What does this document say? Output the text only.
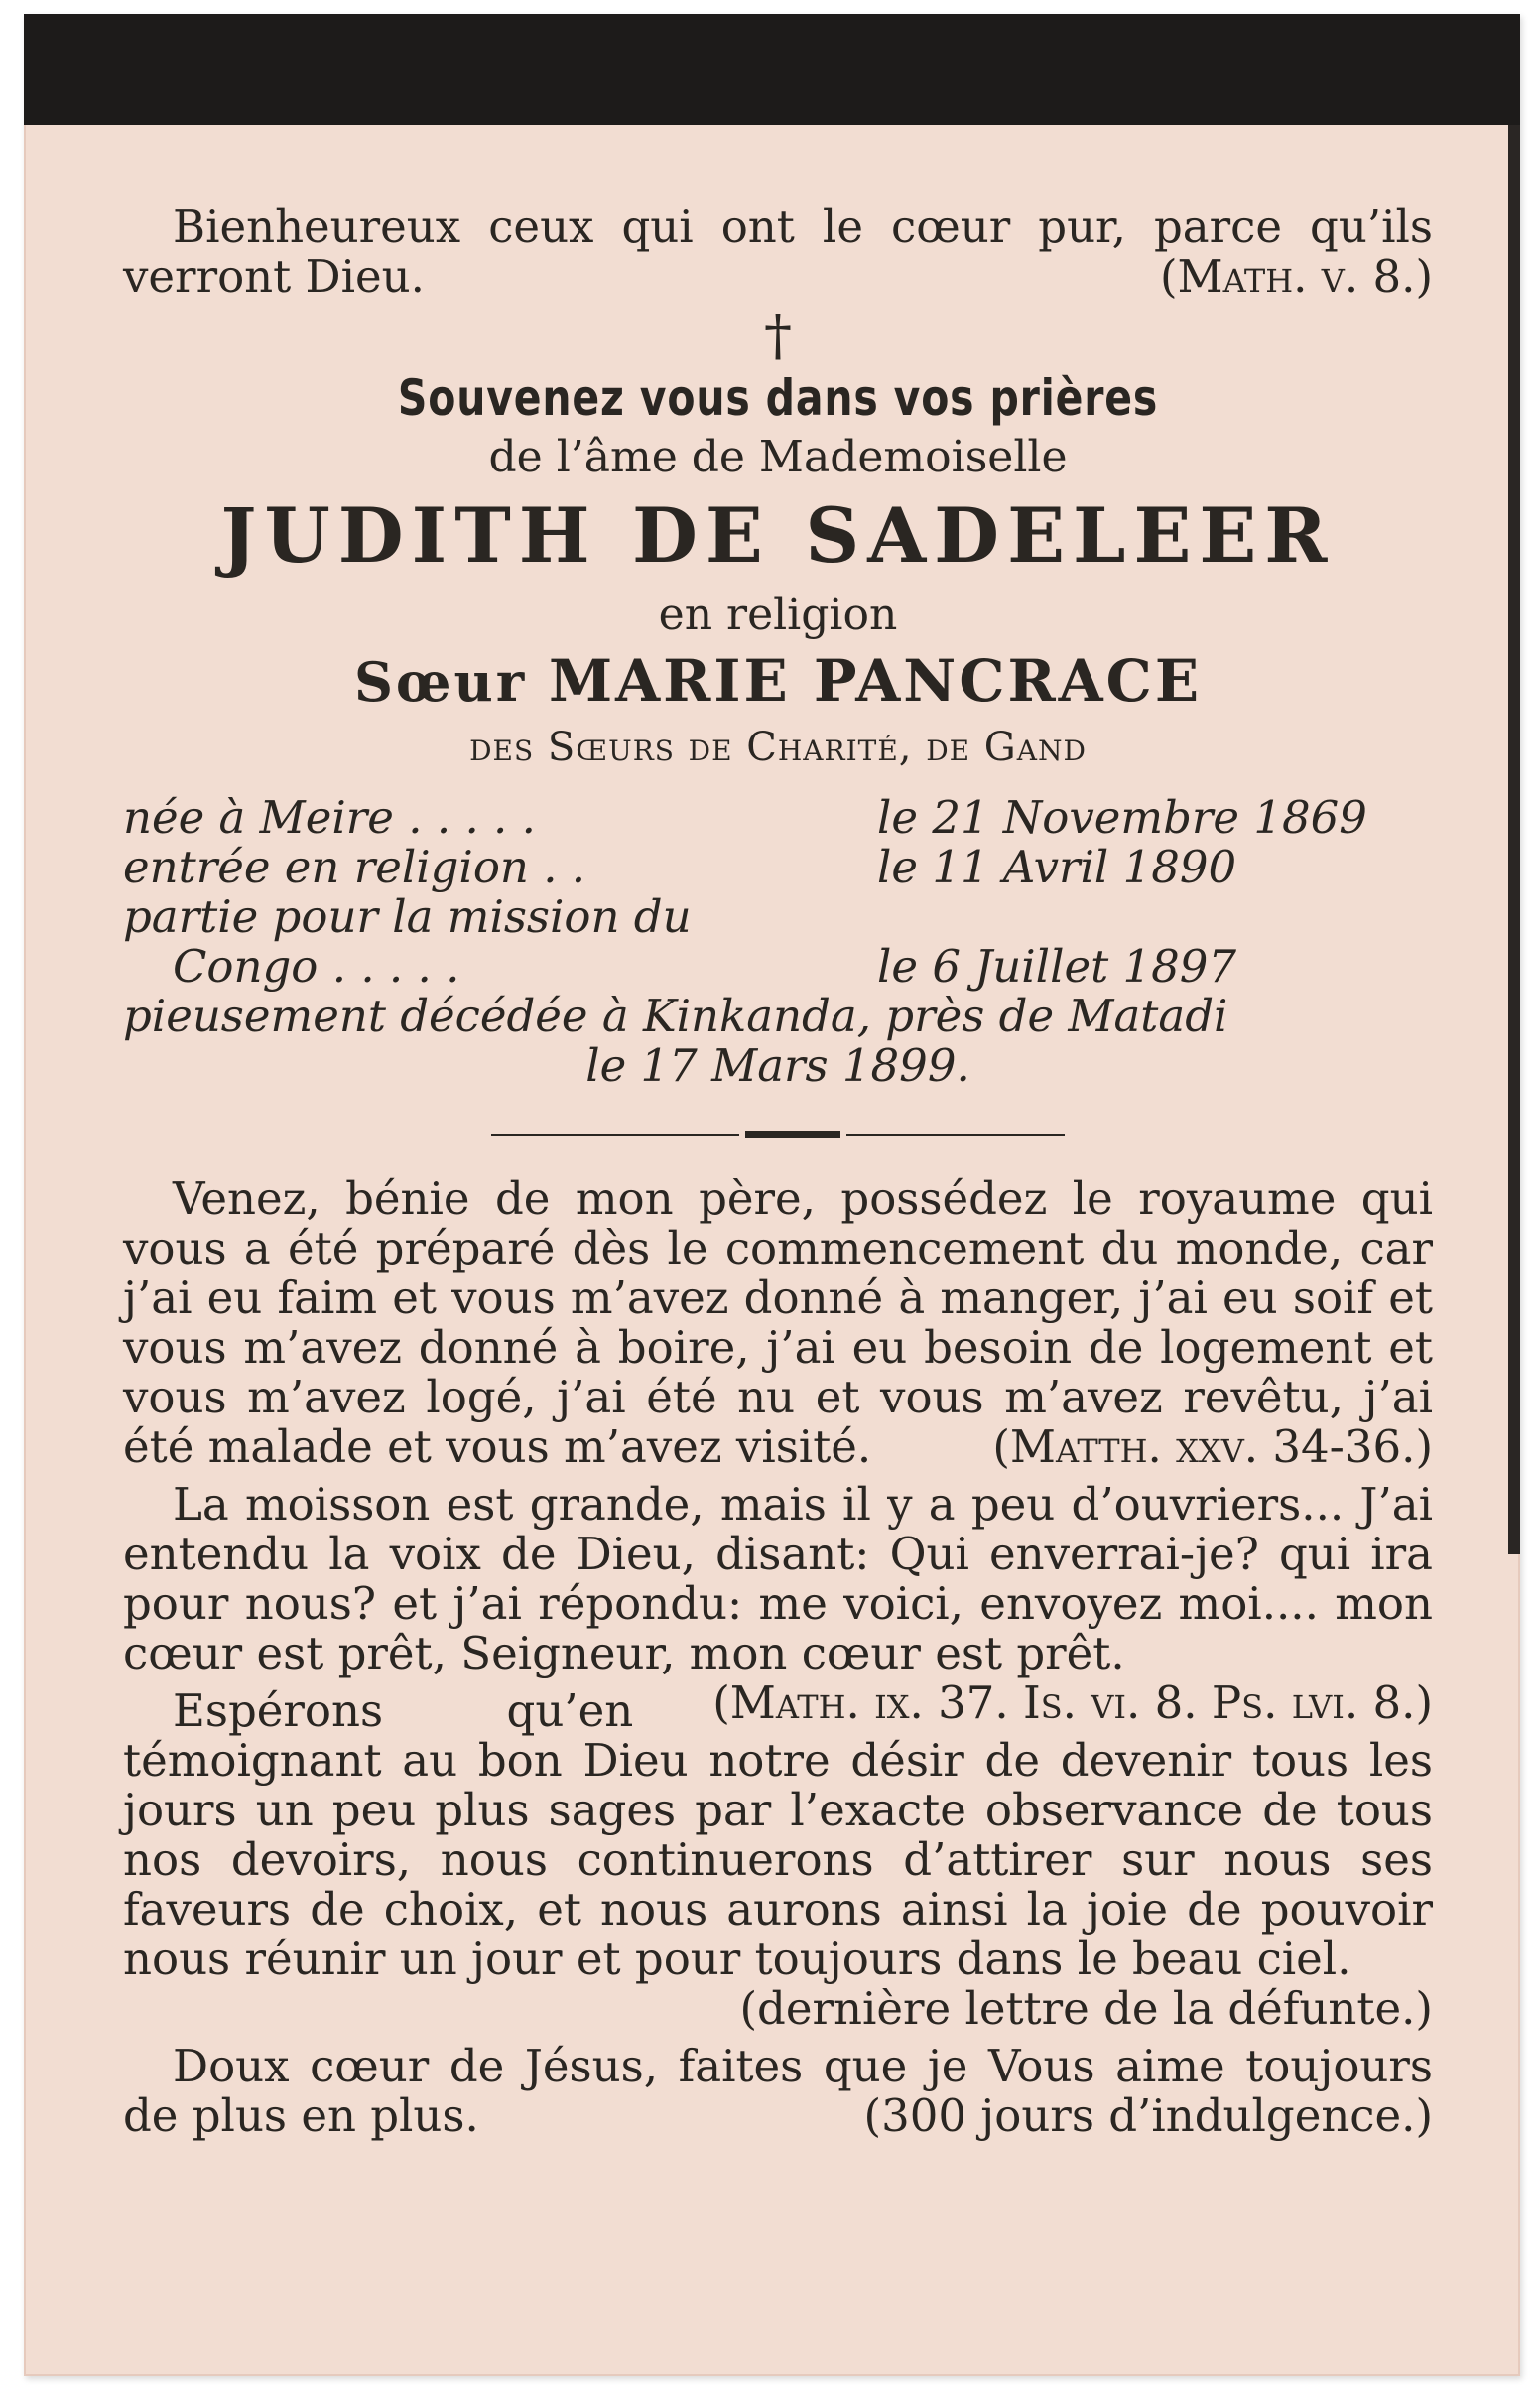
Bienheureux ceux qui ont le cœur pur, parce qu’ils verront Dieu.	(Math. v. 8.)

†
Souvenez vous dans vos prières
de l’âme de Mademoiselle
JUDITH DE SADELEER
en religion
Sœur MARIE PANCRACE
des Sœurs de Charité, de Gand
née à Meire . . . . .	le 21 Novembre 1869
entrée en religion . .	le 11 Avril 1890
partie pour la mission du
Congo . . . . .	le 6 Juillet 1897
pieusement décédée à Kinkanda, près de Matadi
le 17 Mars 1899.

Venez, bénie de mon père, possédez le royaume qui vous a été préparé dès le commencement du monde, car j’ai eu faim et vous m’avez donné à manger, j’ai eu soif et vous m’avez donné à boire, j’ai eu besoin de logement et vous m’avez logé, j’ai été nu et vous m’avez revêtu, j’ai été malade et vous m’avez visité.	(Matth. xxv. 34-36.)

La moisson est grande, mais il y a peu d’ouvriers... J’ai entendu la voix de Dieu, disant: Qui enverrai-je? qui ira pour nous? et j’ai répondu: me voici, envoyez moi.... mon cœur est prêt, Seigneur, mon cœur est prêt.
(Math. ix. 37. Is. vi. 8. Ps. lvi. 8.)

Espérons qu’en témoignant au bon Dieu notre désir de devenir tous les jours un peu plus sages par l’exacte observance de tous nos devoirs, nous continuerons d’attirer sur nous ses faveurs de choix, et nous aurons ainsi la joie de pouvoir nous réunir un jour et pour toujours dans le beau ciel.

(dernière lettre de la défunte.)

Doux cœur de Jésus, faites que je Vous aime toujours de plus en plus.	(300 jours d’indulgence.)
